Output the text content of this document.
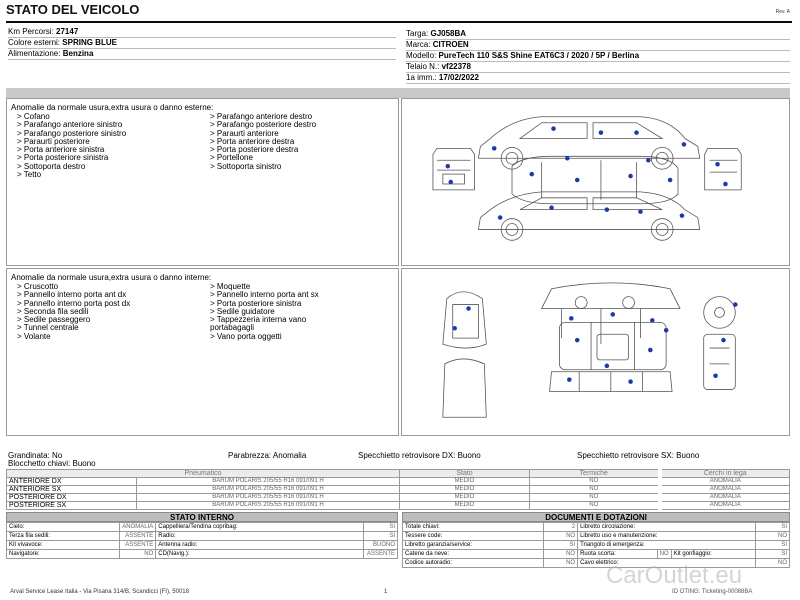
STATO DEL VEICOLO	Rev. A
Km Percorsi: 27147
Colore esterni: SPRING BLUE
Alimentazione: Benzina
Targa: GJ058BA
Marca: CITROEN
Modello: PureTech 110 S&S Shine EAT6C3 / 2020 / 5P / Berlina
Telaio N.: vf22378
1a imm.: 17/02/2022
Anomalie da normale usura,extra usura o danno esterne:
> Cofano
> Parafango anteriore sinistro
> Parafango posteriore sinistro
> Paraurti posteriore
> Porta anteriore sinistra
> Porta posteriore sinistra
> Sottoporta destro
> Tetto
> Parafango anteriore destro
> Parafango posteriore destro
> Paraurti anteriore
> Porta anteriore destra
> Porta posteriore destra
> Portellone
> Sottoporta sinistro
Anomalie da normale usura,extra usura o danno interne:
> Cruscotto
> Pannello interno porta ant dx
> Pannello interno porta post dx
> Seconda fila sedili
> Sedile passeggero
> Tunnel centrale
> Volante
> Moquette
> Pannello interno porta ant sx
> Porta posteriore sinistra
> Sedile guidatore
> Tappezzeria interna vano
portabagagli
> Vano porta oggetti
Grandinata: No	Parabrezza: Anomalia	Specchietto retrovisore DX: Buono	Specchietto retrovisore SX: Buono
Blocchetto chiavi: Buono
Pneumatico		Stato	Termiche	Cerchi in lega
ANTERIORE DX	BARUM POLARIS 205/55 R16 091/091 H	MEDIO	NO	ANOMALIA
ANTERIORE SX	BARUM POLARIS 205/55 R16 091/091 H	MEDIO	NO	ANOMALIA
POSTERIORE DX	BARUM POLARIS 205/55 R16 091/091 H	MEDIO	NO	ANOMALIA
POSTERIORE SX	BARUM POLARIS 205/55 R16 091/091 H	MEDIO	NO	ANOMALIA
STATO INTERNO
Cielo:	ANOMALIA	Cappelliera/Tendina copribag:	SI
Terza fila sedili:	ASSENTE	Radio:	SI
Kit vivavoce:	ASSENTE	Antenna radio:	BUONO
Navigatore:	NO	CD(Navig.):	ASSENTE
DOCUMENTI E DOTAZIONI
Totale chiavi:	2	Libretto circolazione:			SI
Tessere code:	NO	Libretto uso e manutenzione:			NO
Libretto garanzia/service:	SI	Triangolo di emergenza:			SI
Catene da neve:	NO	Ruota scorta:	NO	Kit gonfiaggio:	SI
Codice autoradio:	NO	Cavo elettrico:			NO
Arval Service Lease Italia - Via Pisana 314/B, Scandicci (FI), 50018	1
CarOutlet.eu
ID OTING: Ticketing-00088BA
